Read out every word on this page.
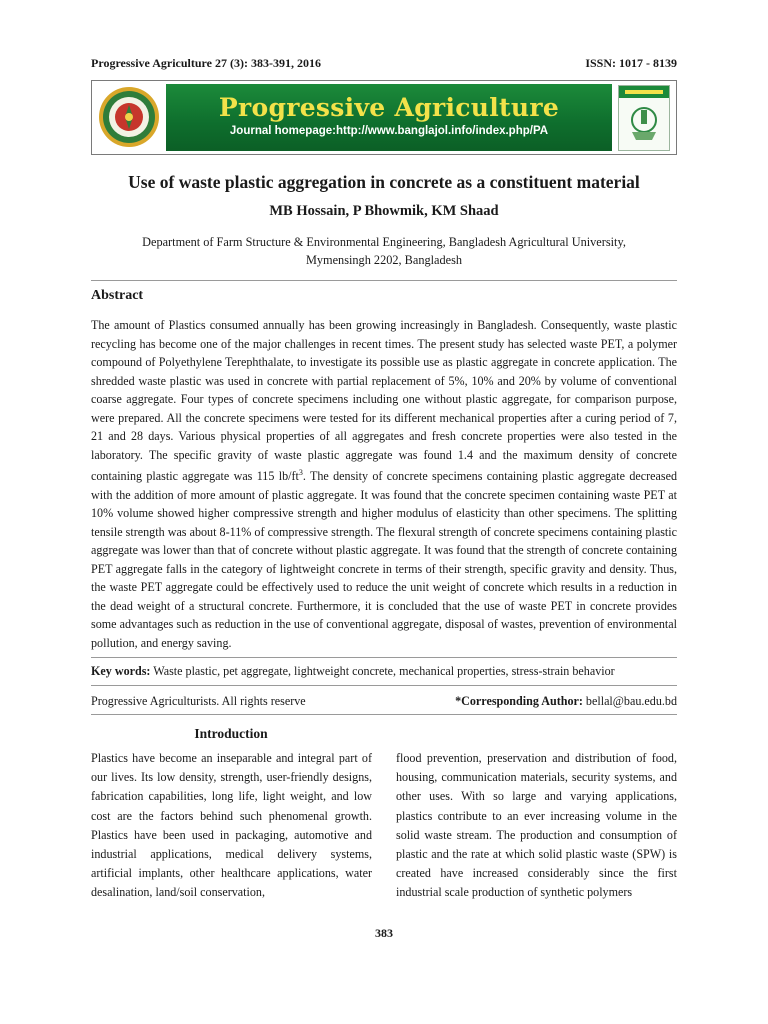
Progressive Agriculture 27 (3): 383-391, 2016	ISSN: 1017 - 8139
Progressive Agriculture
Journal homepage:http://www.banglajol.info/index.php/PA
Use of waste plastic aggregation in concrete as a constituent material
MB Hossain, P Bhowmik, KM Shaad
Department of Farm Structure & Environmental Engineering, Bangladesh Agricultural University,
Mymensingh 2202, Bangladesh
Abstract
The amount of Plastics consumed annually has been growing increasingly in Bangladesh. Consequently, waste plastic recycling has become one of the major challenges in recent times. The present study has selected waste PET, a polymer compound of Polyethylene Terephthalate, to investigate its possible use as plastic aggregate in concrete application. The shredded waste plastic was used in concrete with partial replacement of 5%, 10% and 20% by volume of conventional coarse aggregate. Four types of concrete specimens including one without plastic aggregate, for comparison purpose, were prepared. All the concrete specimens were tested for its different mechanical properties after a curing period of 7, 21 and 28 days. Various physical properties of all aggregates and fresh concrete properties were also tested in the laboratory. The specific gravity of waste plastic aggregate was found 1.4 and the maximum density of concrete containing plastic aggregate was 115 $lb/ft^3$. The density of concrete specimens containing plastic aggregate decreased with the addition of more amount of plastic aggregate. It was found that the concrete specimen containing waste PET at 10% volume showed higher compressive strength and higher modulus of elasticity than other specimens. The splitting tensile strength was about 8-11% of compressive strength. The flexural strength of concrete specimens containing plastic aggregate was lower than that of concrete without plastic aggregate. It was found that the strength of concrete containing PET aggregate falls in the category of lightweight concrete in terms of their strength, specific gravity and density. Thus, the waste PET aggregate could be effectively used to reduce the unit weight of concrete which results in a reduction in the dead weight of a structural concrete. Furthermore, it is concluded that the use of waste PET in concrete provides some advantages such as reduction in the use of conventional aggregate, disposal of wastes, prevention of environmental pollution, and energy saving.
Key words: Waste plastic, pet aggregate, lightweight concrete, mechanical properties, stress-strain behavior
Progressive Agriculturists. All rights reserve	*Corresponding Author: bellal@bau.edu.bd
Introduction
Plastics have become an inseparable and integral part of our lives. Its low density, strength, user-friendly designs, fabrication capabilities, long life, light weight, and low cost are the factors behind such phenomenal growth. Plastics have been used in packaging, automotive and industrial applications, medical delivery systems, artificial implants, other healthcare applications, water desalination, land/soil conservation,
flood prevention, preservation and distribution of food, housing, communication materials, security systems, and other uses. With so large and varying applications, plastics contribute to an ever increasing volume in the solid waste stream. The production and consumption of plastic and the rate at which solid plastic waste (SPW) is created have increased considerably since the first industrial scale production of synthetic polymers
383
